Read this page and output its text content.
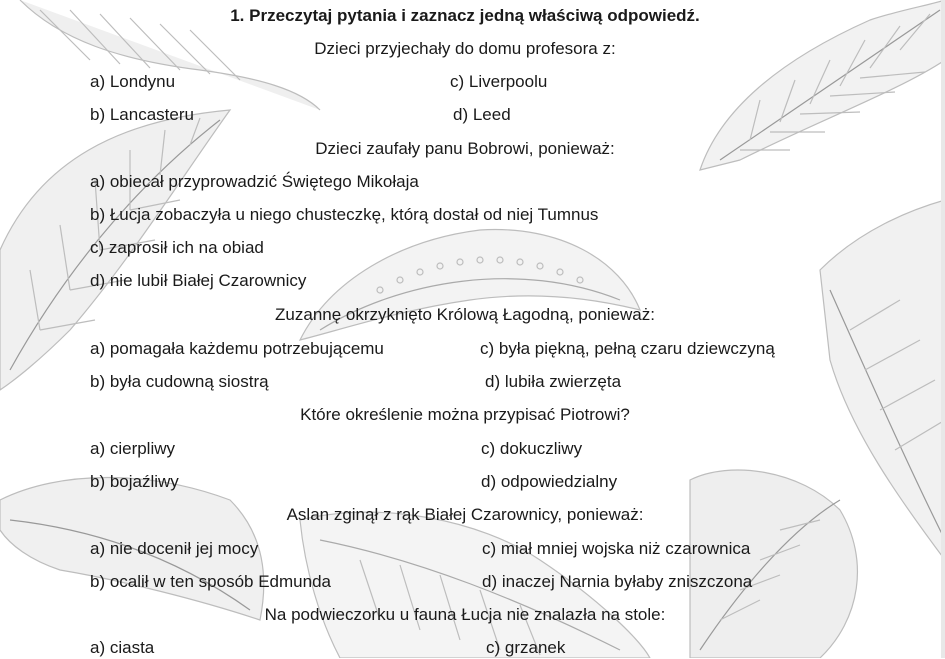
1. Przeczytaj pytania i zaznacz jedną właściwą odpowiedź.
Dzieci przyjechały do domu profesora z:
a) Londynu	c) Liverpoolu
b) Lancasteru	d) Leed
Dzieci zaufały panu Bobrowi, ponieważ:
a) obiecał przyprowadzić Świętego Mikołaja
b) Łucja zobaczyła u niego chusteczkę, którą dostał od niej Tumnus
c) zaprosił ich na obiad
d) nie lubił Białej Czarownicy
Zuzannę okrzyknięto Królową Łagodną, ponieważ:
a) pomagała każdemu potrzebującemu	c) była piękną, pełną czaru dziewczyną
b) była cudowną siostrą	d) lubiła zwierzęta
Które określenie można przypisać Piotrowi?
a) cierpliwy	c) dokuczliwy
b) bojaźliwy	d) odpowiedzialny
Aslan zginął z rąk Białej Czarownicy, ponieważ:
a) nie docenił jej mocy	c) miał mniej wojska niż czarownica
b) ocalił w ten sposób Edmunda	d) inaczej Narnia byłaby zniszczona
Na podwieczorku u fauna Łucja nie znalazła na stole:
a) ciasta	c) grzanek
